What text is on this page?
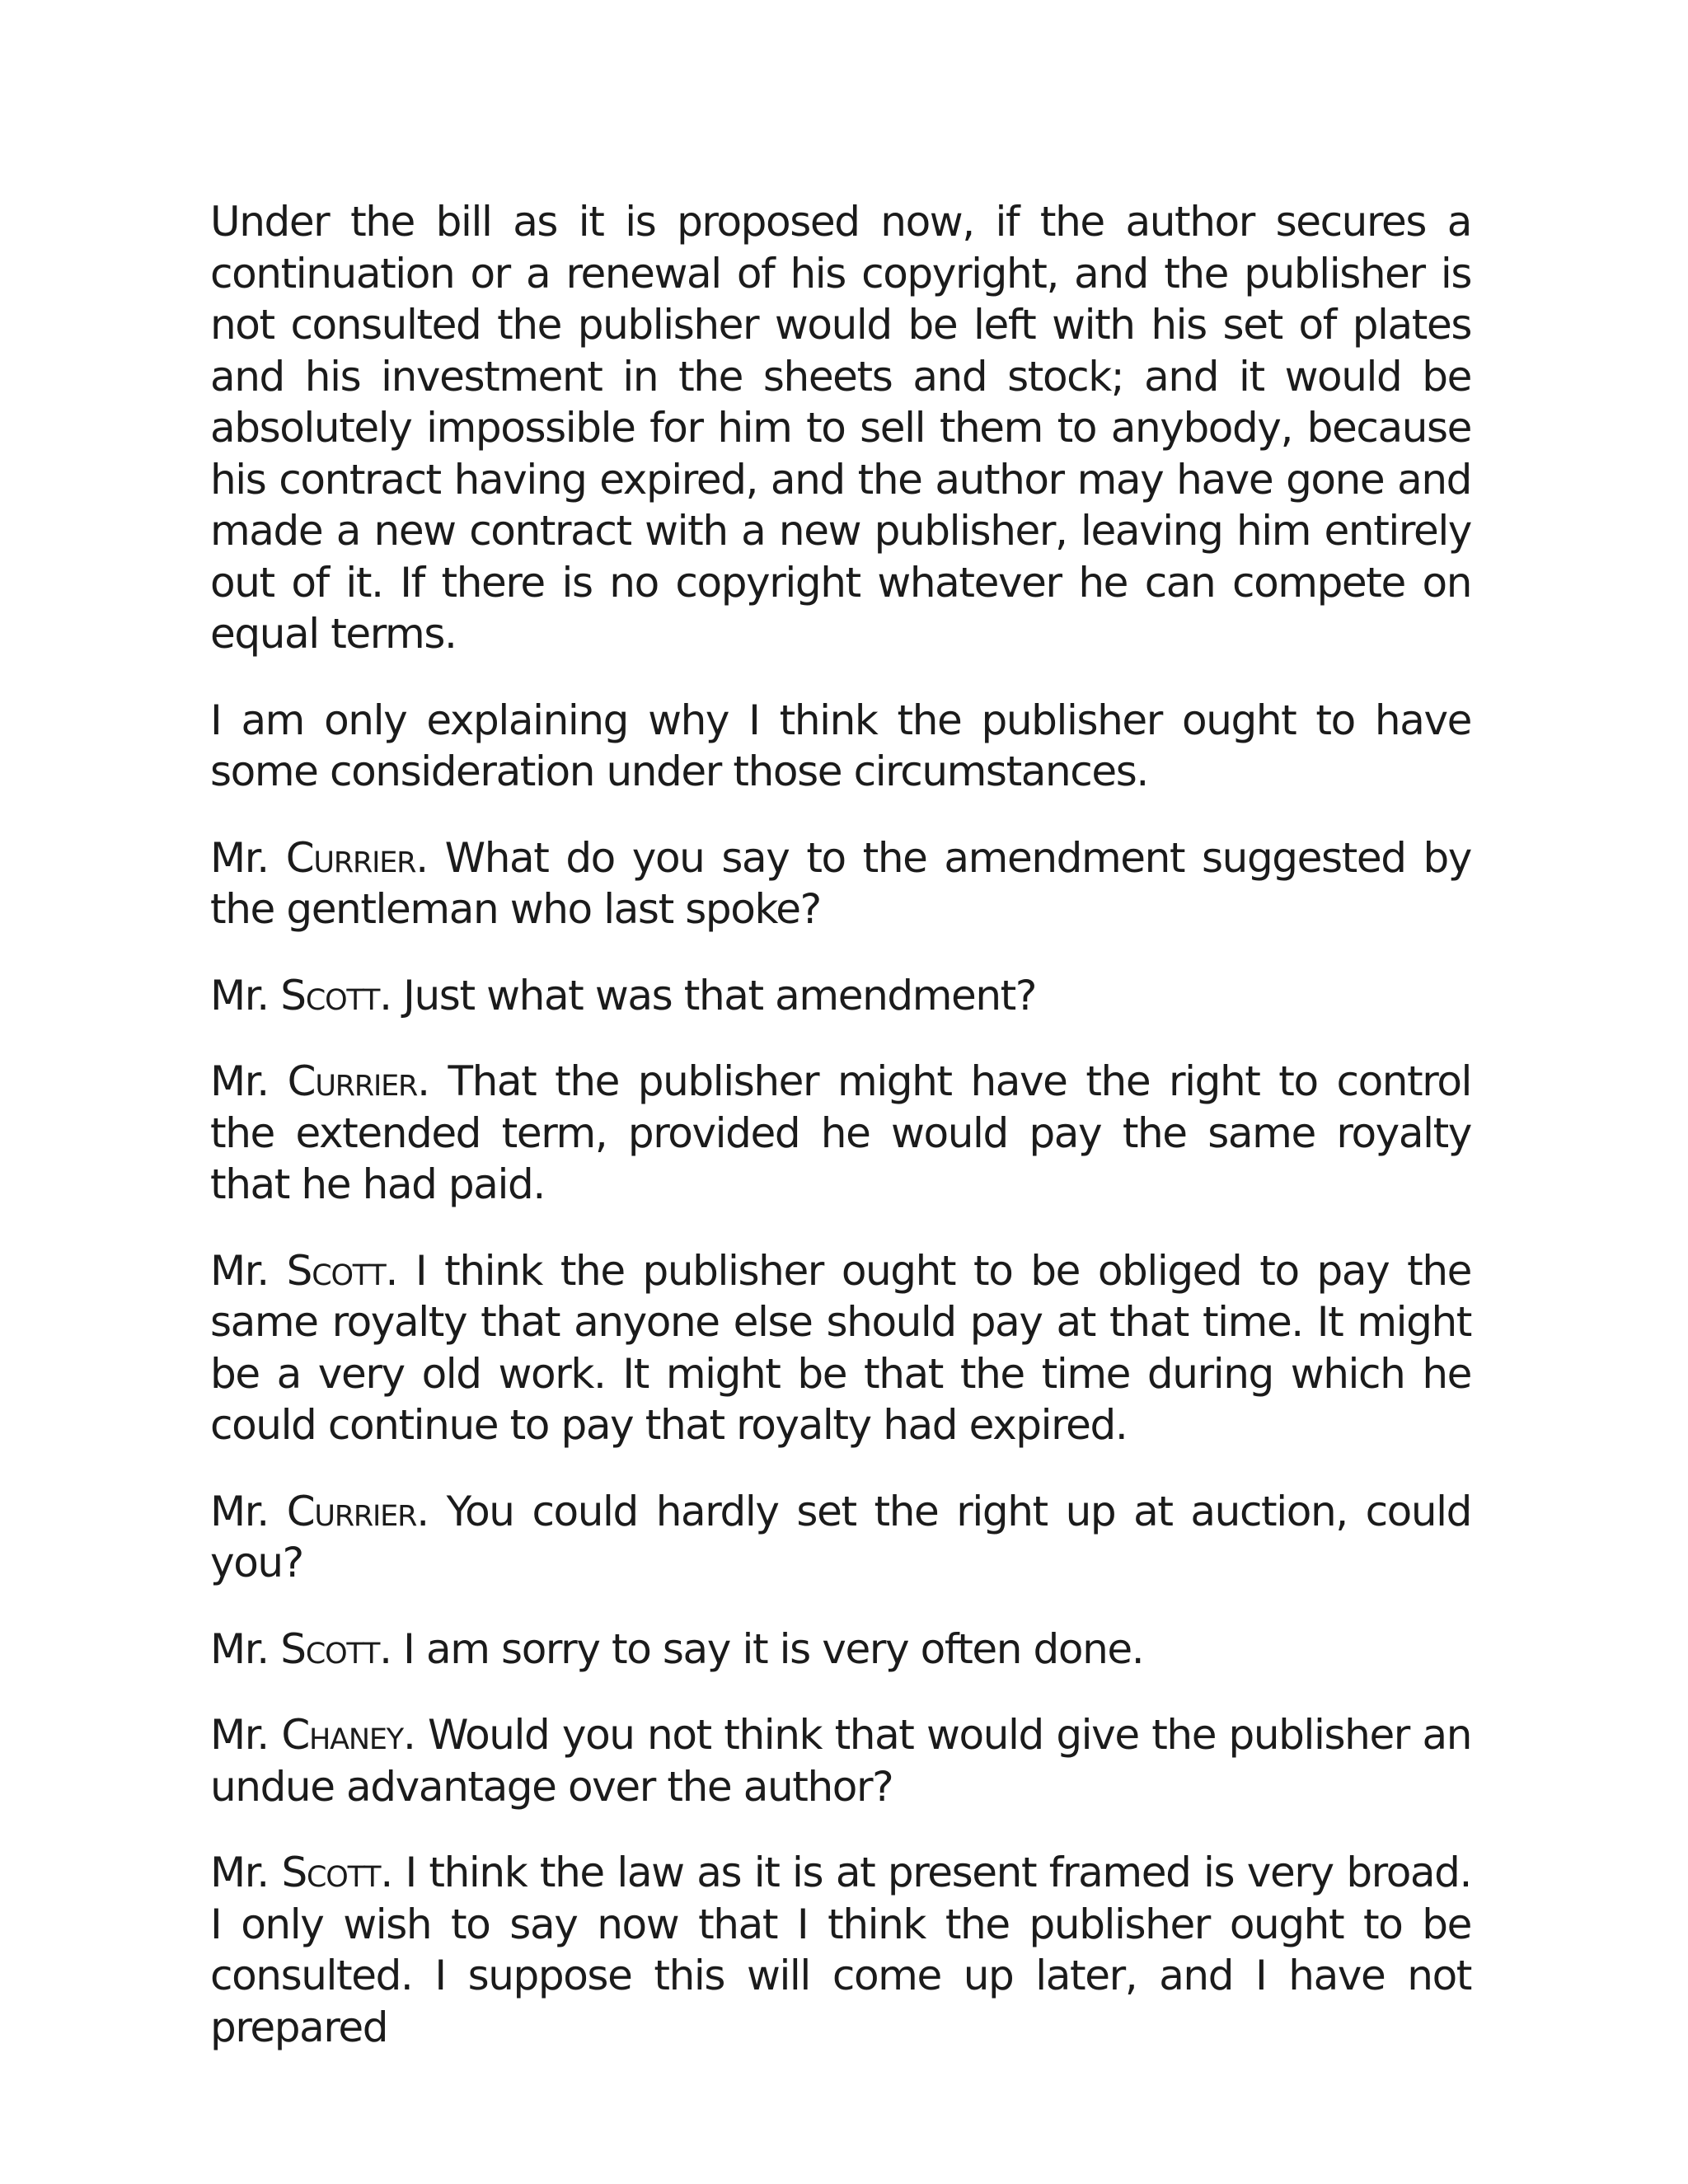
Under the bill as it is proposed now, if the author secures a continuation or a renewal of his copyright, and the publisher is not consulted the publisher would be left with his set of plates and his investment in the sheets and stock; and it would be absolutely impossible for him to sell them to anybody, because his contract having expired, and the author may have gone and made a new contract with a new publisher, leaving him entirely out of it. If there is no copyright whatever he can compete on equal terms.

I am only explaining why I think the publisher ought to have some consideration under those circumstances.

Mr. Currier. What do you say to the amendment suggested by the gentleman who last spoke?

Mr. Scott. Just what was that amendment?

Mr. Currier. That the publisher might have the right to control the extended term, provided he would pay the same royalty that he had paid.

Mr. Scott. I think the publisher ought to be obliged to pay the same royalty that anyone else should pay at that time. It might be a very old work. It might be that the time during which he could continue to pay that royalty had expired.

Mr. Currier. You could hardly set the right up at auction, could you?

Mr. Scott. I am sorry to say it is very often done.

Mr. Chaney. Would you not think that would give the publisher an undue advantage over the author?

Mr. Scott. I think the law as it is at present framed is very broad. I only wish to say now that I think the publisher ought to be consulted. I suppose this will come up later, and I have not prepared
